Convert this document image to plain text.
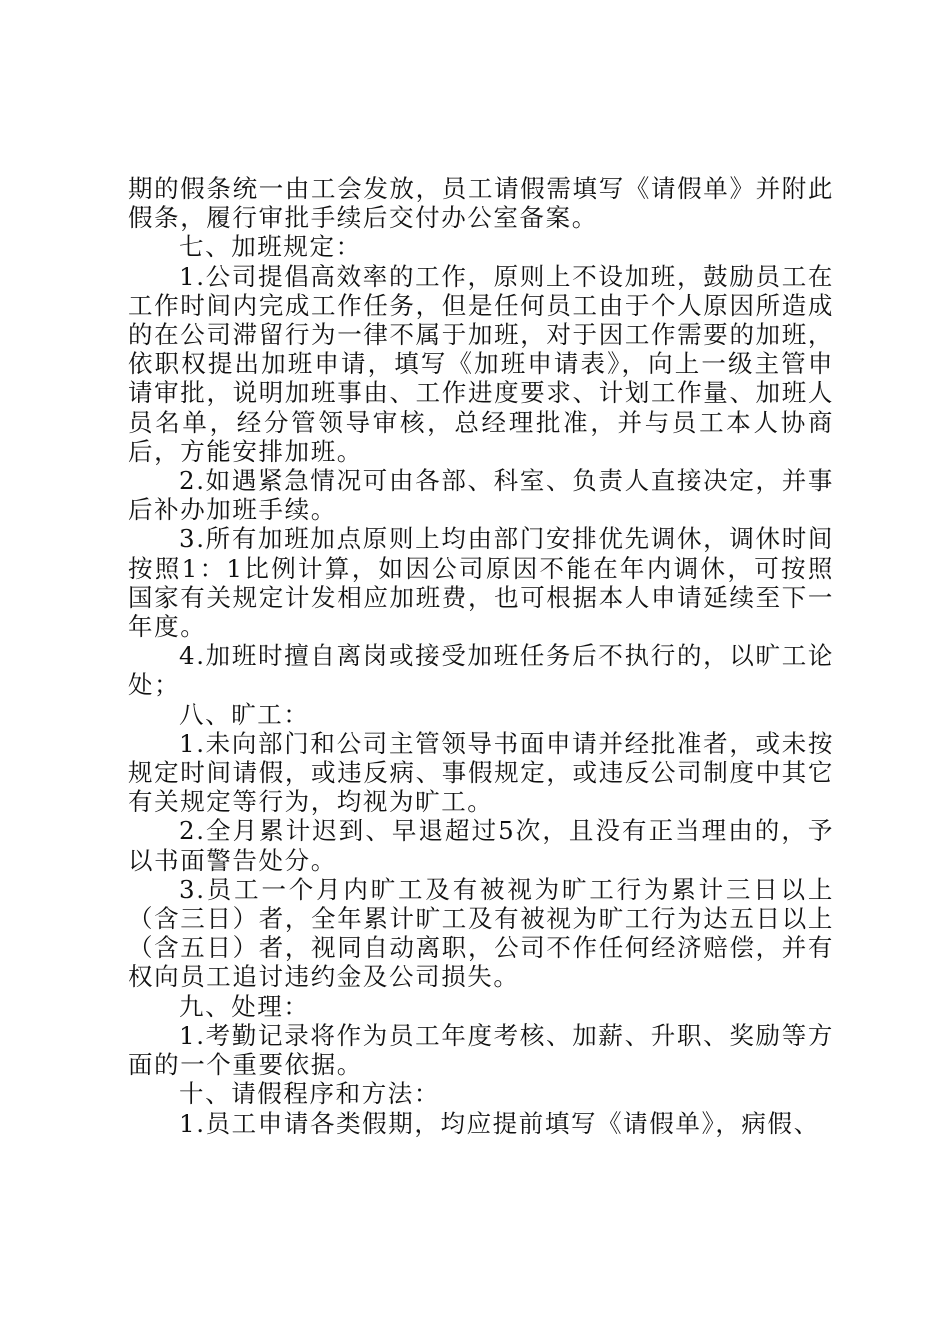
期的假条统一由工会发放，员工请假需填写《请假单》并附此假条，履行审批手续后交付办公室备案。

七、加班规定：

1.公司提倡高效率的工作，原则上不设加班，鼓励员工在工作时间内完成工作任务，但是任何员工由于个人原因所造成的在公司滞留行为一律不属于加班，对于因工作需要的加班，依职权提出加班申请，填写《加班申请表》，向上一级主管申请审批，说明加班事由、工作进度要求、计划工作量、加班人员名单，经分管领导审核，总经理批准，并与员工本人协商后，方能安排加班。

2.如遇紧急情况可由各部、科室、负责人直接决定，并事后补办加班手续。

3.所有加班加点原则上均由部门安排优先调休，调休时间按照1：1比例计算，如因公司原因不能在年内调休，可按照国家有关规定计发相应加班费，也可根据本人申请延续至下一年度。

4.加班时擅自离岗或接受加班任务后不执行的，以旷工论处；

八、旷工：

1.未向部门和公司主管领导书面申请并经批准者，或未按规定时间请假，或违反病、事假规定，或违反公司制度中其它有关规定等行为，均视为旷工。

2.全月累计迟到、早退超过5次，且没有正当理由的，予以书面警告处分。

3.员工一个月内旷工及有被视为旷工行为累计三日以上（含三日）者，全年累计旷工及有被视为旷工行为达五日以上（含五日）者，视同自动离职，公司不作任何经济赔偿，并有权向员工追讨违约金及公司损失。

九、处理：

1.考勤记录将作为员工年度考核、加薪、升职、奖励等方面的一个重要依据。

十、请假程序和方法：

1.员工申请各类假期，均应提前填写《请假单》，病假、
